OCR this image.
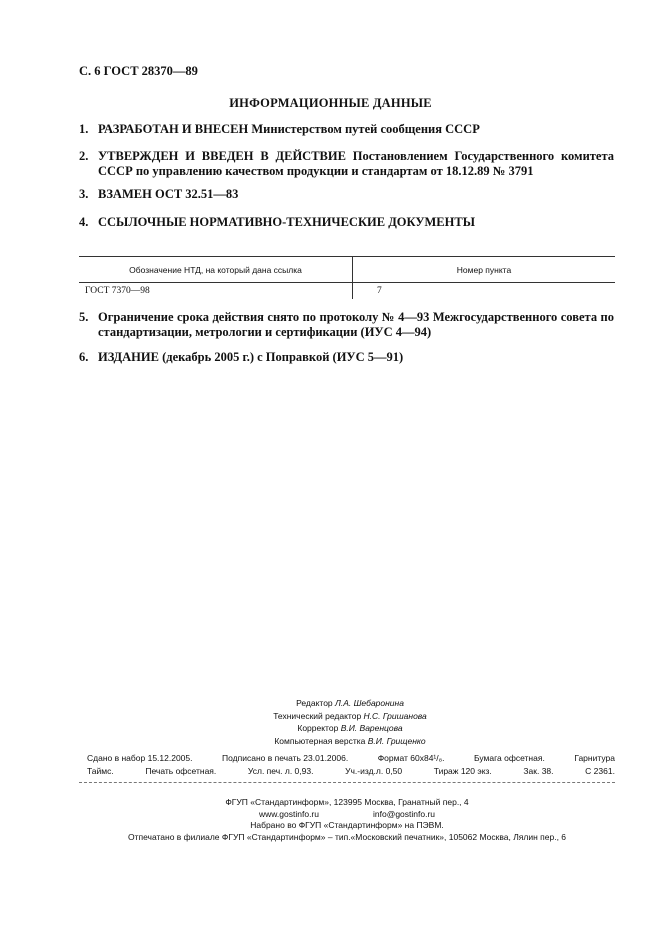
С. 6 ГОСТ 28370—89
ИНФОРМАЦИОННЫЕ ДАННЫЕ
1. РАЗРАБОТАН И ВНЕСЕН Министерством путей сообщения СССР
2. УТВЕРЖДЕН И ВВЕДЕН В ДЕЙСТВИЕ Постановлением Государственного комитета СССР по управлению качеством продукции и стандартам от 18.12.89 № 3791
3. ВЗАМЕН ОСТ 32.51—83
4. ССЫЛОЧНЫЕ НОРМАТИВНО-ТЕХНИЧЕСКИЕ ДОКУМЕНТЫ
Обозначение НТД, на который дана ссылка	Номер пункта
ГОСТ 7370—98	7
5. Ограничение срока действия снято по протоколу № 4—93 Межгосударственного совета по стандартизации, метрологии и сертификации (ИУС 4—94)
6. ИЗДАНИЕ (декабрь 2005 г.) с Поправкой (ИУС 5—91)
Редактор Л.А. Шебаронина
Технический редактор Н.С. Гришанова
Корректор В.И. Варенцова
Компьютерная верстка В.И. Грищенко
Сдано в набор 15.12.2005.	Подписано в печать 23.01.2006.	Формат 60x84¹/₈.	Бумага офсетная.	Гарнитура
Таймс.	Печать офсетная.	Усл. печ. л. 0,93.	Уч.-изд.л. 0,50	Тираж 120 экз.	Зак. 38.	С 2361.
ФГУП «Стандартинформ», 123995 Москва, Гранатный пер., 4
www.gostinfo.ru	info@gostinfo.ru
Набрано во ФГУП «Стандартинформ» на ПЭВМ.
Отпечатано в филиале ФГУП «Стандартинформ» – тип.«Московский печатник», 105062 Москва, Лялин пер., 6
